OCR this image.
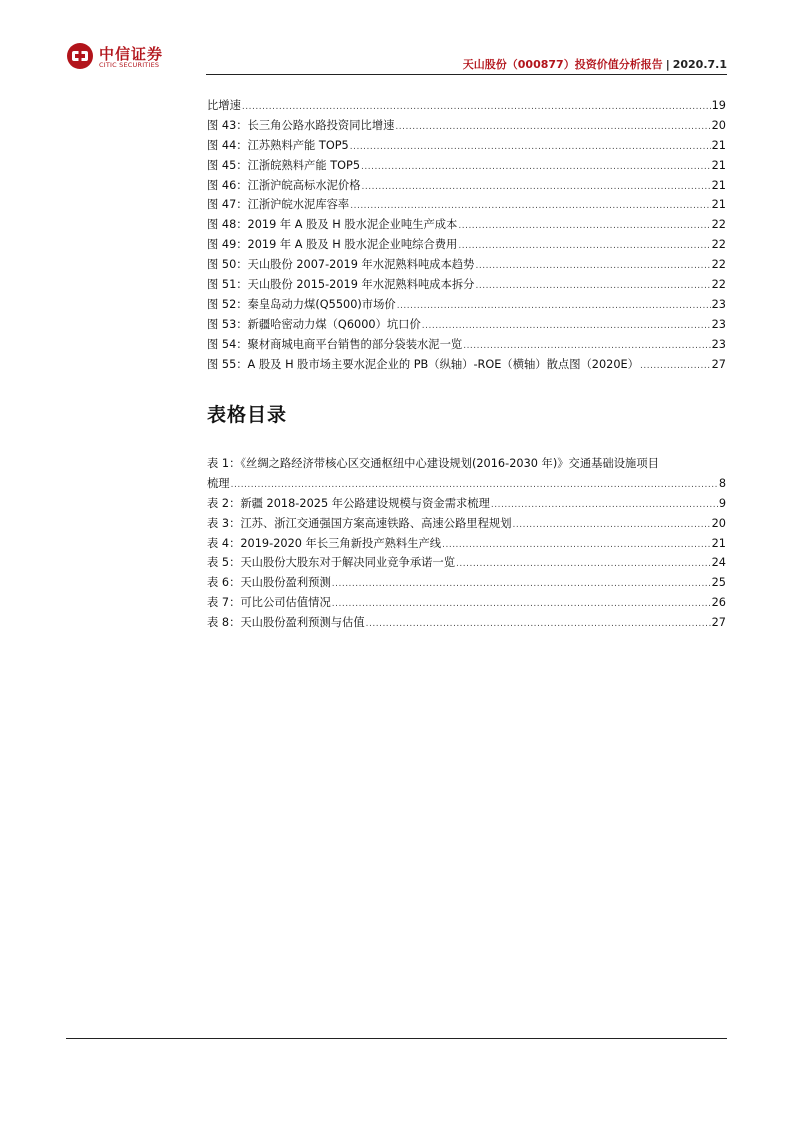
中信证券
CITIC SECURITIES	天山股份（000877）投资价值分析报告 | 2020.7.1
比增速 .....	19
图 43：长三角公路水路投资同比增速 .....	20
图 44：江苏熟料产能 TOP5 .....	21
图 45：江浙皖熟料产能 TOP5 .....	21
图 46：江浙沪皖高标水泥价格 .....	21
图 47：江浙沪皖水泥库容率 .....	21
图 48：2019 年 A 股及 H 股水泥企业吨生产成本 .....	22
图 49：2019 年 A 股及 H 股水泥企业吨综合费用 .....	22
图 50：天山股份 2007-2019 年水泥熟料吨成本趋势 .....	22
图 51：天山股份 2015-2019 年水泥熟料吨成本拆分 .....	22
图 52：秦皇岛动力煤(Q5500)市场价 .....	23
图 53：新疆哈密动力煤（Q6000）坑口价 .....	23
图 54：聚材商城电商平台销售的部分袋装水泥一览 .....	23
图 55：A 股及 H 股市场主要水泥企业的 PB（纵轴）-ROE（横轴）散点图（2020E） .....	27
表格目录
表 1：《丝绸之路经济带核心区交通枢纽中心建设规划(2016-2030 年)》交通基础设施项目
梳理 .....	8
表 2：新疆 2018-2025 年公路建设规模与资金需求梳理 .....	9
表 3：江苏、浙江交通强国方案高速铁路、高速公路里程规划 .....	20
表 4：2019-2020 年长三角新投产熟料生产线 .....	21
表 5：天山股份大股东对于解决同业竞争承诺一览 .....	24
表 6：天山股份盈利预测 .....	25
表 7：可比公司估值情况 .....	26
表 8：天山股份盈利预测与估值 .....	27
